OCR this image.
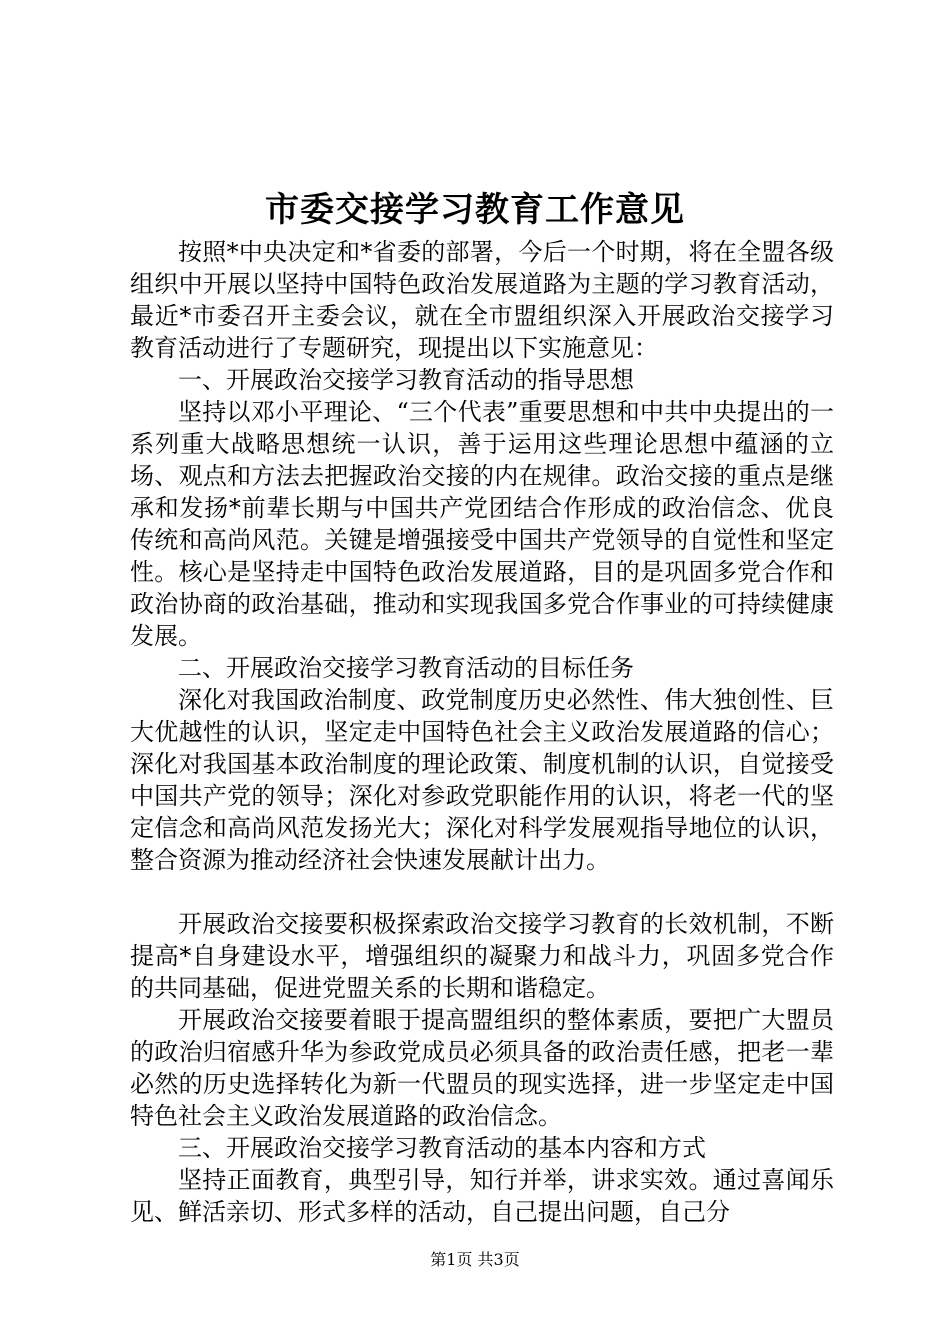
市委交接学习教育工作意见

按照*中央决定和*省委的部署，今后一个时期，将在全盟各级组织中开展以坚持中国特色政治发展道路为主题的学习教育活动，最近*市委召开主委会议，就在全市盟组织深入开展政治交接学习教育活动进行了专题研究，现提出以下实施意见：

一、开展政治交接学习教育活动的指导思想

坚持以邓小平理论、“三个代表”重要思想和中共中央提出的一系列重大战略思想统一认识，善于运用这些理论思想中蕴涵的立场、观点和方法去把握政治交接的内在规律。政治交接的重点是继承和发扬*前辈长期与中国共产党团结合作形成的政治信念、优良传统和高尚风范。关键是增强接受中国共产党领导的自觉性和坚定性。核心是坚持走中国特色政治发展道路，目的是巩固多党合作和政治协商的政治基础，推动和实现我国多党合作事业的可持续健康发展。

二、开展政治交接学习教育活动的目标任务

深化对我国政治制度、政党制度历史必然性、伟大独创性、巨大优越性的认识，坚定走中国特色社会主义政治发展道路的信心；深化对我国基本政治制度的理论政策、制度机制的认识，自觉接受中国共产党的领导；深化对参政党职能作用的认识，将老一代的坚定信念和高尚风范发扬光大；深化对科学发展观指导地位的认识，整合资源为推动经济社会快速发展献计出力。

开展政治交接要积极探索政治交接学习教育的长效机制，不断提高*自身建设水平，增强组织的凝聚力和战斗力，巩固多党合作的共同基础，促进党盟关系的长期和谐稳定。

开展政治交接要着眼于提高盟组织的整体素质，要把广大盟员的政治归宿感升华为参政党成员必须具备的政治责任感，把老一辈必然的历史选择转化为新一代盟员的现实选择，进一步坚定走中国特色社会主义政治发展道路的政治信念。

三、开展政治交接学习教育活动的基本内容和方式

坚持正面教育，典型引导，知行并举，讲求实效。通过喜闻乐见、鲜活亲切、形式多样的活动，自己提出问题，自己分

第1页 共3页
